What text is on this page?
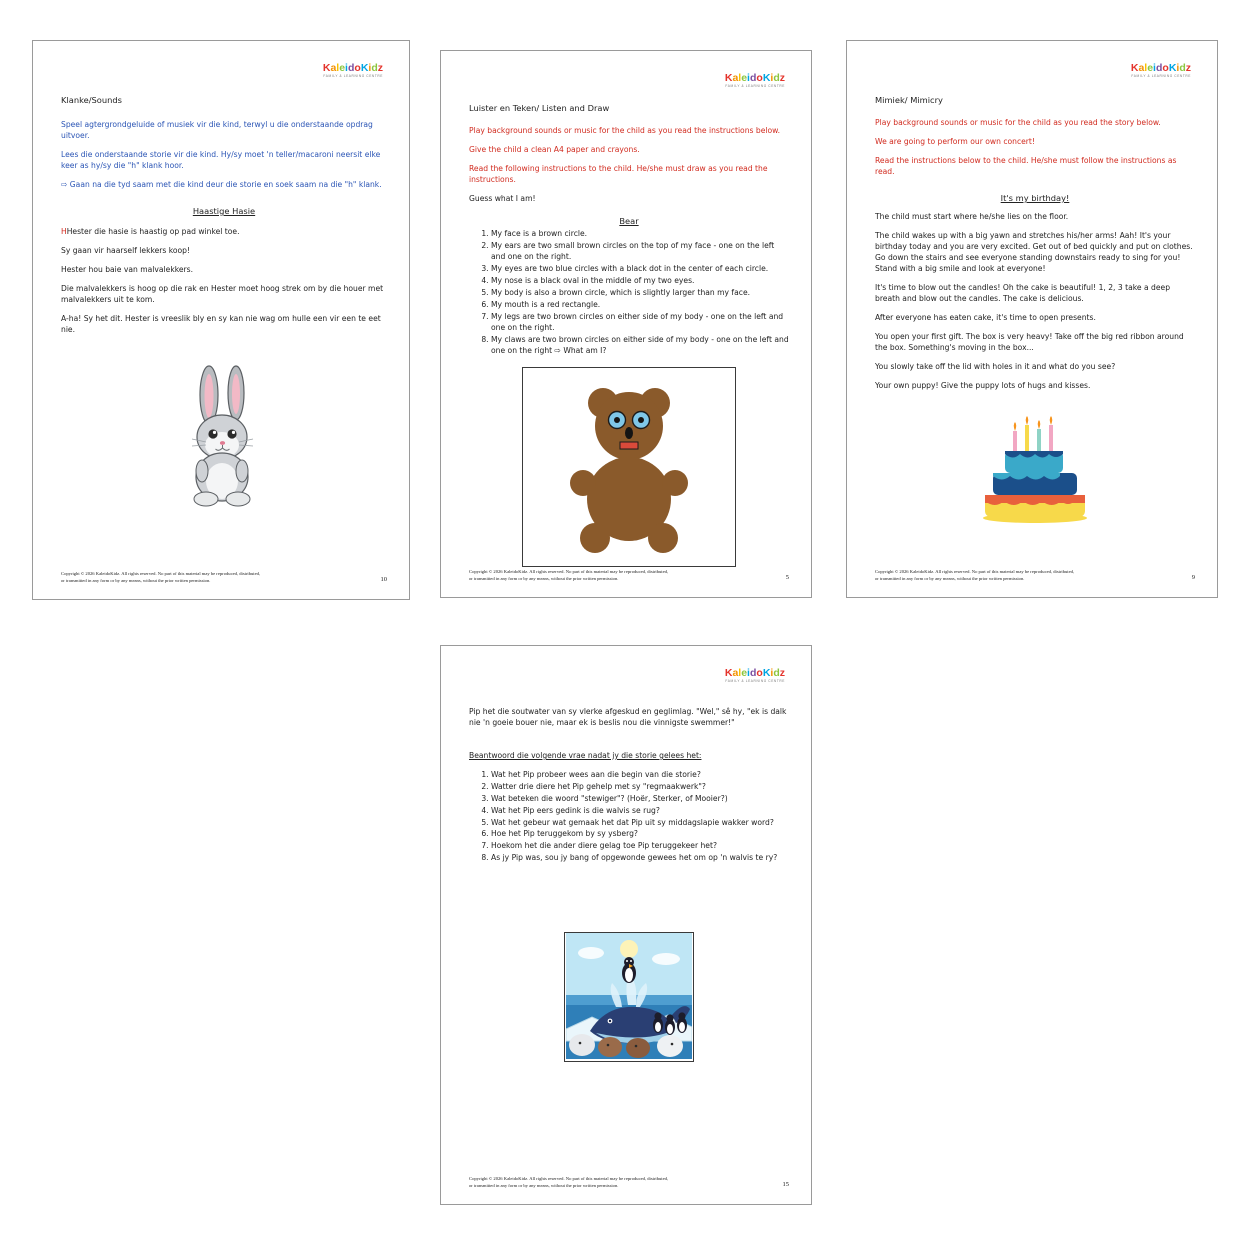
KaleidoKidz
FAMILY & LEARNING CENTRE
Klanke/Sounds

Speel agtergrondgeluide of musiek vir die kind, terwyl u die onderstaande opdrag uitvoer.

Lees die onderstaande storie vir die kind. Hy/sy moet 'n teller/macaroni neersit elke keer as hy/sy die "h" klank hoor.

⇨ Gaan na die tyd saam met die kind deur die storie en soek saam na die "h" klank.

Haastige Hasie

HHester die hasie is haastig op pad winkel toe.

Sy gaan vir haarself lekkers koop!

Hester hou baie van malvalekkers.

Die malvalekkers is hoog op die rak en Hester moet hoog strek om by die houer met malvalekkers uit te kom.

A-ha! Sy het dit. Hester is vreeslik bly en sy kan nie wag om hulle een vir een te eet nie.

Copyright © 2026 KaleidoKidz. All rights reserved. No part of this material may be reproduced, distributed,
or transmitted in any form or by any means, without the prior written permission.	10
KaleidoKidz
FAMILY & LEARNING CENTRE
Luister en Teken/ Listen and Draw

Play background sounds or music for the child as you read the instructions below.

Give the child a clean A4 paper and crayons.

Read the following instructions to the child. He/she must draw as you read the instructions.

Guess what I am!
Bear
1. My face is a brown circle.
2. My ears are two small brown circles on the top of my face - one on the left and one on the right.
3. My eyes are two blue circles with a black dot in the center of each circle.
4. My nose is a black oval in the middle of my two eyes.
5. My body is also a brown circle, which is slightly larger than my face.
6. My mouth is a red rectangle.
7. My legs are two brown circles on either side of my body - one on the left and one on the right.
8. My claws are two brown circles on either side of my body - one on the left and one on the right ⇨ What am I?
Copyright © 2026 KaleidoKidz. All rights reserved. No part of this material may be reproduced, distributed,
or transmitted in any form or by any means, without the prior written permission.	5
KaleidoKidz
FAMILY & LEARNING CENTRE
Mimiek/ Mimicry

Play background sounds or music for the child as you read the story below.

We are going to perform our own concert!

Read the instructions below to the child. He/she must follow the instructions as read.

It's my birthday!

The child must start where he/she lies on the floor.

The child wakes up with a big yawn and stretches his/her arms! Aah! It's your birthday today and you are very excited. Get out of bed quickly and put on clothes. Go down the stairs and see everyone standing downstairs ready to sing for you! Stand with a big smile and look at everyone!

It's time to blow out the candles! Oh the cake is beautiful! 1, 2, 3 take a deep breath and blow out the candles. The cake is delicious.

After everyone has eaten cake, it's time to open presents.

You open your first gift. The box is very heavy! Take off the big red ribbon around the box. Something's moving in the box...

You slowly take off the lid with holes in it and what do you see?

Your own puppy! Give the puppy lots of hugs and kisses.

Copyright © 2026 KaleidoKidz. All rights reserved. No part of this material may be reproduced, distributed,
or transmitted in any form or by any means, without the prior written permission.	9
KaleidoKidz
FAMILY & LEARNING CENTRE

Pip het die soutwater van sy vlerke afgeskud en geglimlag. "Wel," sê hy, "ek is dalk nie 'n goeie bouer nie, maar ek is beslis nou die vinnigste swemmer!"

Beantwoord die volgende vrae nadat jy die storie gelees het:
1. Wat het Pip probeer wees aan die begin van die storie?
2. Watter drie diere het Pip gehelp met sy "regmaakwerk"?
3. Wat beteken die woord "stewiger"? (Hoër, Sterker, of Mooier?)
4. Wat het Pip eers gedink is die walvis se rug?
5. Wat het gebeur wat gemaak het dat Pip uit sy middagslapie wakker word?
6. Hoe het Pip teruggekom by sy ysberg?
7. Hoekom het die ander diere gelag toe Pip teruggekeer het?
8. As jy Pip was, sou jy bang of opgewonde gewees het om op 'n walvis te ry?
Copyright © 2026 KaleidoKidz. All rights reserved. No part of this material may be reproduced, distributed,
or transmitted in any form or by any means, without the prior written permission.	15
